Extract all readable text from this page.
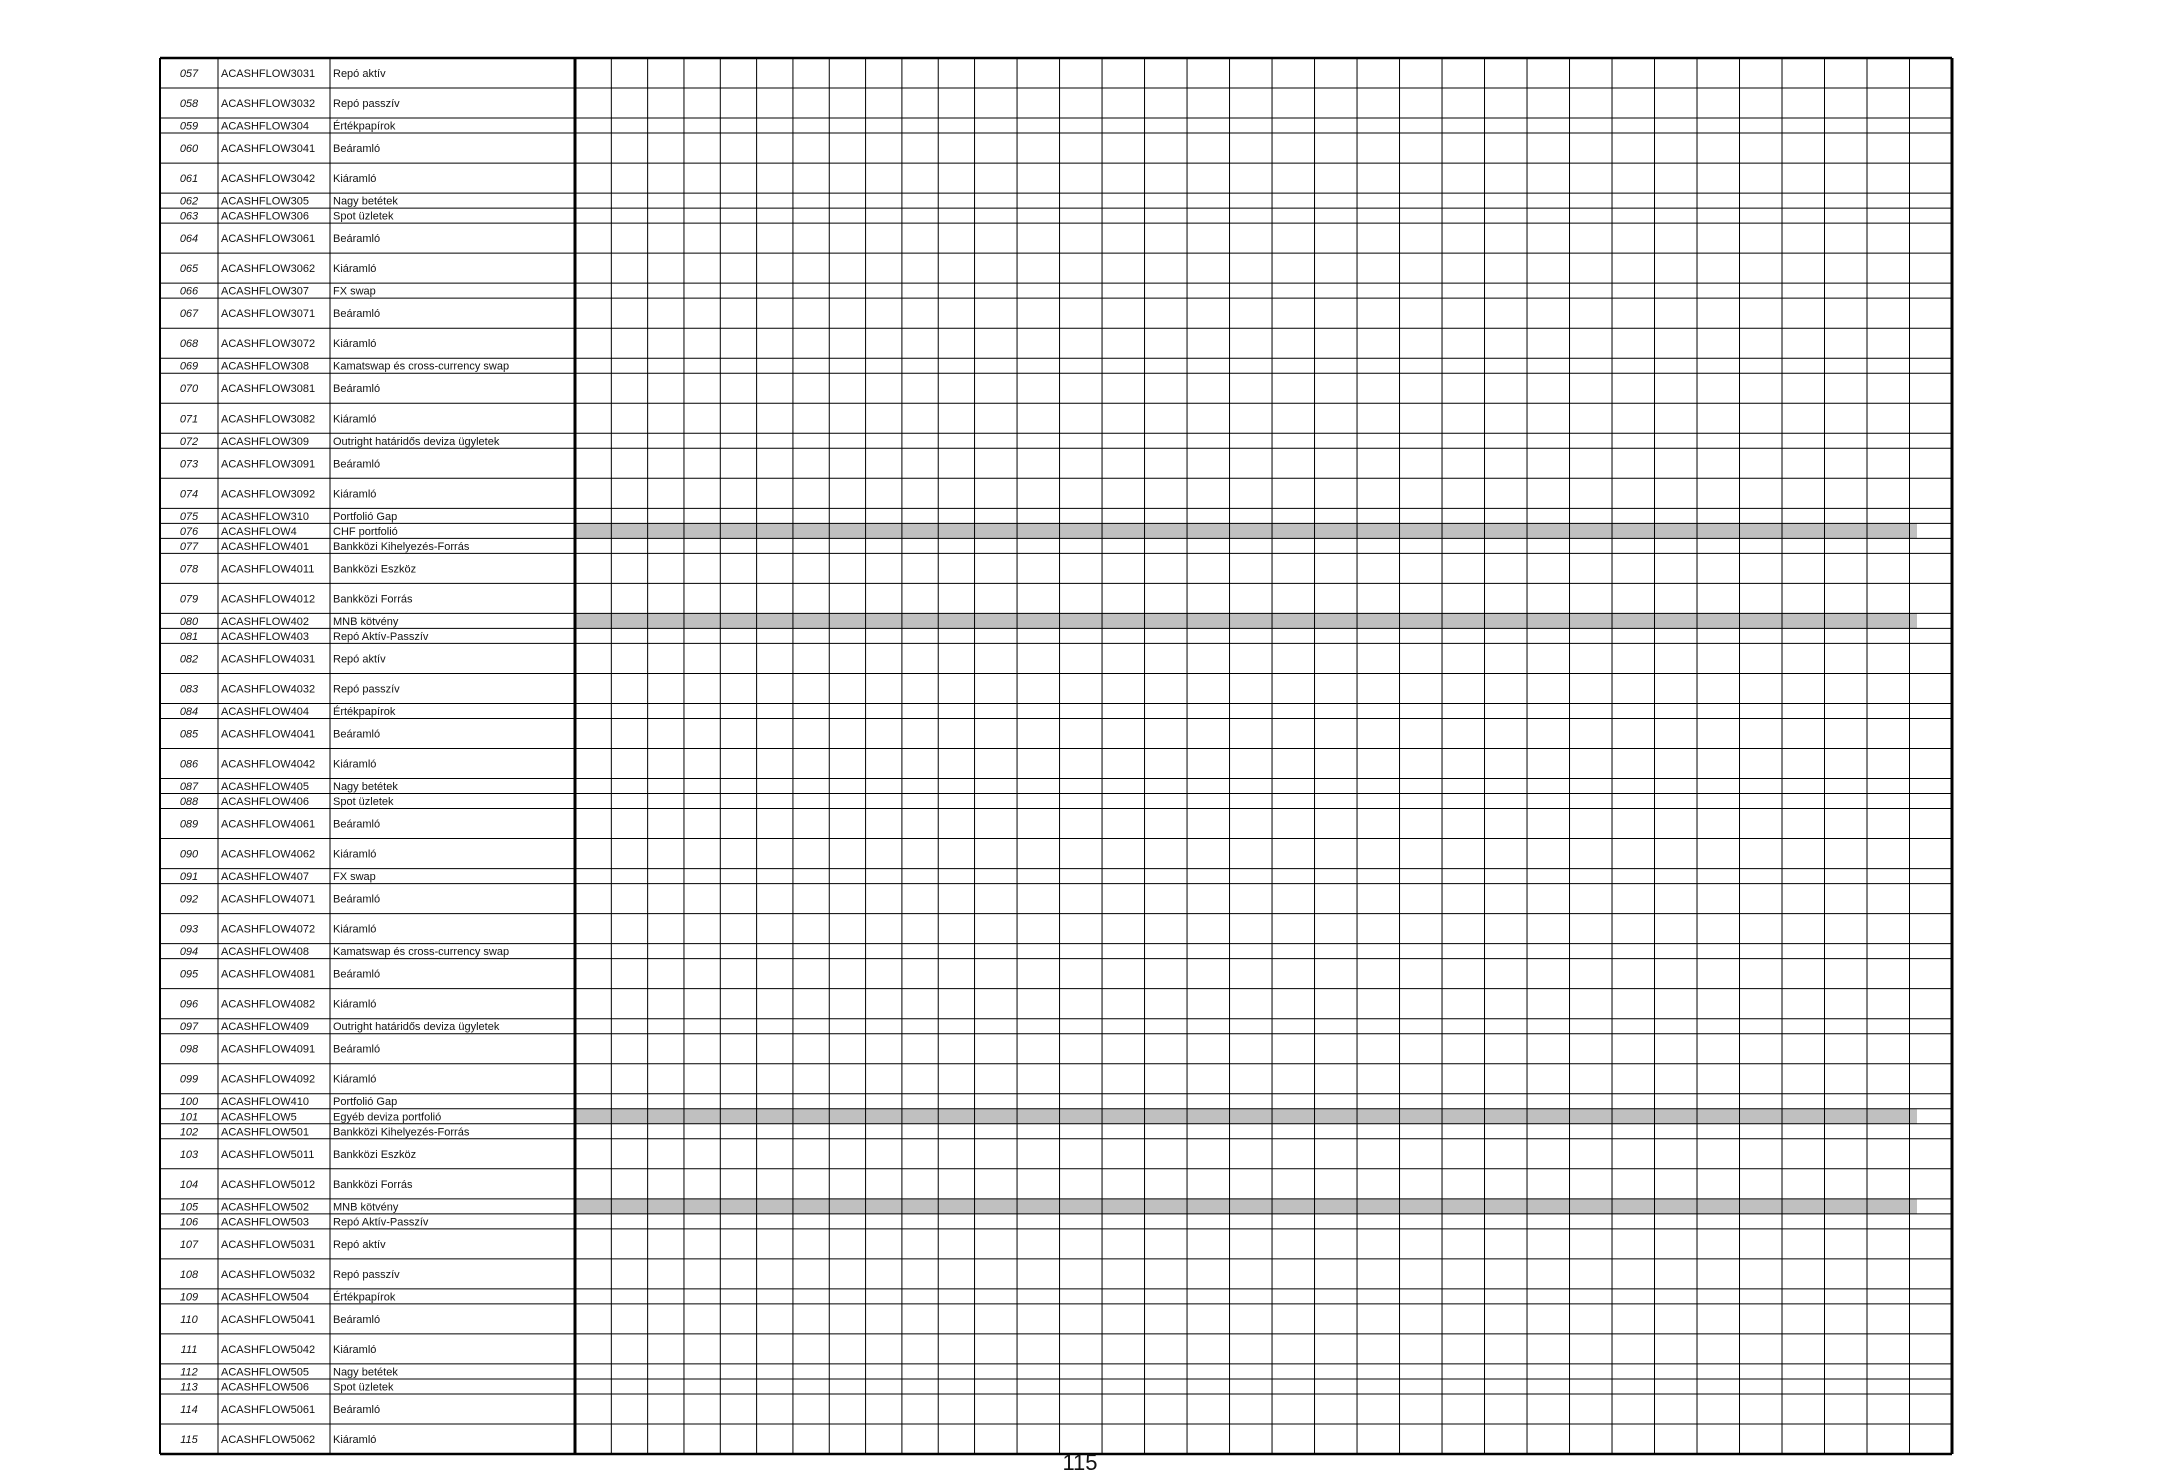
057 ACASHFLOW3031 Repó aktív
058 ACASHFLOW3032 Repó passzív
059 ACASHFLOW304 Értékpapírok
060 ACASHFLOW3041 Beáramló
061 ACASHFLOW3042 Kiáramló
062 ACASHFLOW305 Nagy betétek
063 ACASHFLOW306 Spot üzletek
064 ACASHFLOW3061 Beáramló
065 ACASHFLOW3062 Kiáramló
066 ACASHFLOW307 FX swap
067 ACASHFLOW3071 Beáramló
068 ACASHFLOW3072 Kiáramló
069 ACASHFLOW308 Kamatswap és cross-currency swap
070 ACASHFLOW3081 Beáramló
071 ACASHFLOW3082 Kiáramló
072 ACASHFLOW309 Outright határidős deviza ügyletek
073 ACASHFLOW3091 Beáramló
074 ACASHFLOW3092 Kiáramló
075 ACASHFLOW310 Portfolió Gap
076 ACASHFLOW4	CHF portfolió
077 ACASHFLOW401 Bankközi Kihelyezés-Forrás
078 ACASHFLOW4011 Bankközi Eszköz
079 ACASHFLOW4012 Bankközi Forrás
080 ACASHFLOW402 MNB kötvény
081 ACASHFLOW403 Repó Aktív-Passzív
082 ACASHFLOW4031 Repó aktív
083 ACASHFLOW4032 Repó passzív
084 ACASHFLOW404 Értékpapírok
085 ACASHFLOW4041 Beáramló
086 ACASHFLOW4042 Kiáramló
087 ACASHFLOW405 Nagy betétek
088 ACASHFLOW406 Spot üzletek
089 ACASHFLOW4061 Beáramló
090 ACASHFLOW4062 Kiáramló
091 ACASHFLOW407 FX swap
092 ACASHFLOW4071 Beáramló
093 ACASHFLOW4072 Kiáramló
094 ACASHFLOW408 Kamatswap és cross-currency swap
095 ACASHFLOW4081 Beáramló
096 ACASHFLOW4082 Kiáramló
097 ACASHFLOW409 Outright határidős deviza ügyletek
098 ACASHFLOW4091 Beáramló
099 ACASHFLOW4092 Kiáramló
100 ACASHFLOW410 Portfolió Gap
101 ACASHFLOW5	Egyéb deviza portfolió
102 ACASHFLOW501 Bankközi Kihelyezés-Forrás
103 ACASHFLOW5011 Bankközi Eszköz
104 ACASHFLOW5012 Bankközi Forrás
105 ACASHFLOW502 MNB kötvény
106 ACASHFLOW503 Repó Aktív-Passzív
107 ACASHFLOW5031 Repó aktív
108 ACASHFLOW5032 Repó passzív
109 ACASHFLOW504 Értékpapírok
110 ACASHFLOW5041 Beáramló
111 ACASHFLOW5042 Kiáramló
112 ACASHFLOW505 Nagy betétek
113 ACASHFLOW506 Spot üzletek
114 ACASHFLOW5061 Beáramló
115 ACASHFLOW5062 Kiáramló
115
